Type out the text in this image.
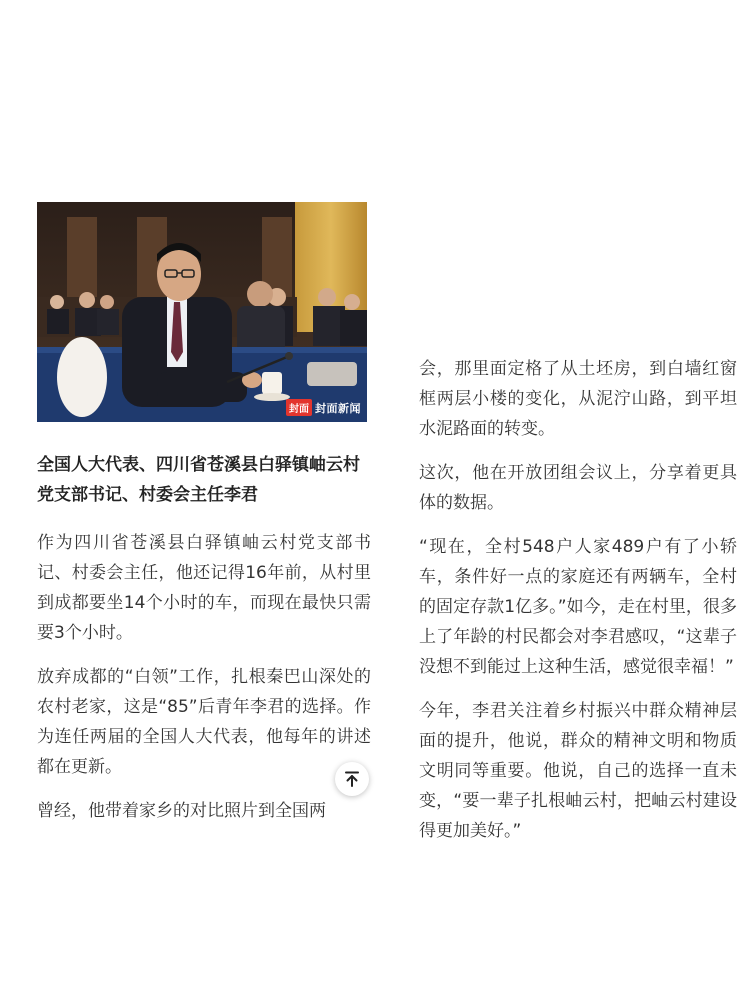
封面 封面新闻
全国人大代表、四川省苍溪县白驿镇岫云村党支部书记、村委会主任李君

作为四川省苍溪县白驿镇岫云村党支部书记、村委会主任，他还记得16年前，从村里到成都要坐14个小时的车，而现在最快只需要3个小时。

放弃成都的“白领”工作，扎根秦巴山深处的农村老家，这是“85”后青年李君的选择。作为连任两届的全国人大代表，他每年的讲述都在更新。

曾经，他带着家乡的对比照片到全国两

会，那里面定格了从土坯房，到白墙红窗框两层小楼的变化，从泥泞山路，到平坦水泥路面的转变。

这次，他在开放团组会议上，分享着更具体的数据。

“现在，全村548户人家489户有了小轿车，条件好一点的家庭还有两辆车，全村的固定存款1亿多。”如今，走在村里，很多上了年龄的村民都会对李君感叹，“这辈子没想不到能过上这种生活，感觉很幸福！”

今年，李君关注着乡村振兴中群众精神层面的提升，他说，群众的精神文明和物质文明同等重要。他说，自己的选择一直未变，“要一辈子扎根岫云村，把岫云村建设得更加美好。”
